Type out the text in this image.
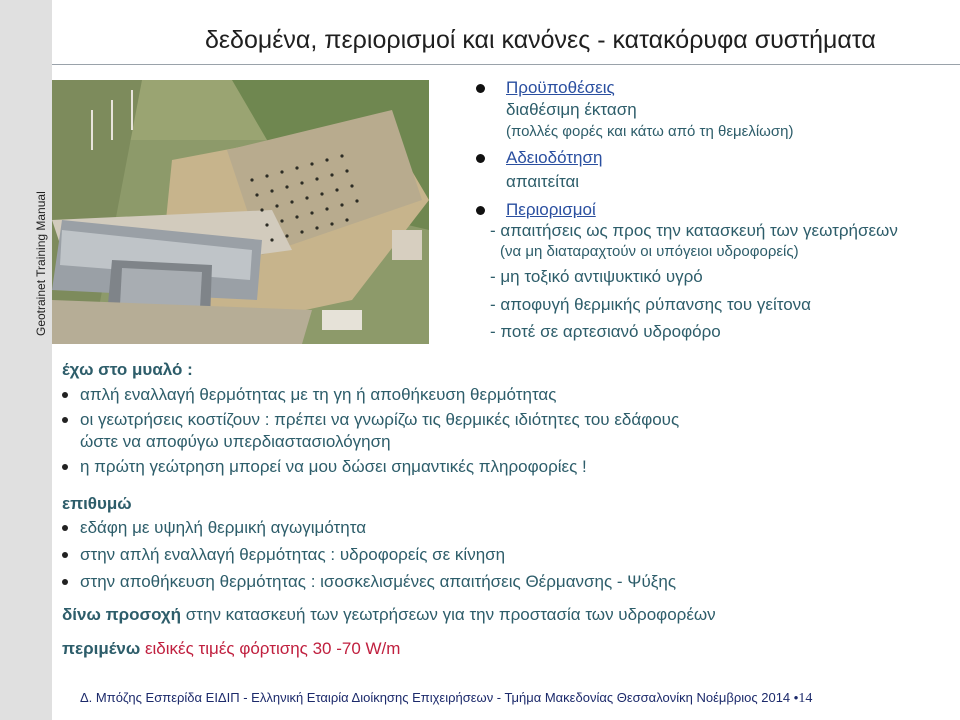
Geotrainet Training Manual
δεδομένα, περιορισμοί και κανόνες - κατακόρυφα συστήματα
Προϋποθέσεις
διαθέσιμη έκταση
(πολλές φορές και κάτω από τη θεμελίωση)
Αδειοδότηση
απαιτείται
Περιορισμοί
- απαιτήσεις ως προς την κατασκευή των γεωτρήσεων
(να μη διαταραχτούν οι υπόγειοι υδροφορείς)
- μη τοξικό αντιψυκτικό υγρό
- αποφυγή θερμικής ρύπανσης του γείτονα
- ποτέ σε αρτεσιανό υδροφόρο
έχω στο μυαλό :
απλή εναλλαγή θερμότητας με τη γη ή αποθήκευση θερμότητας
οι γεωτρήσεις κοστίζουν : πρέπει να γνωρίζω τις θερμικές ιδιότητες του εδάφους
ώστε να αποφύγω υπερδιαστασιολόγηση
η πρώτη γεώτρηση μπορεί να μου δώσει σημαντικές πληροφορίες !
επιθυμώ
εδάφη με υψηλή θερμική αγωγιμότητα
στην απλή εναλλαγή θερμότητας : υδροφορείς σε κίνηση
στην αποθήκευση θερμότητας : ισοσκελισμένες απαιτήσεις Θέρμανσης - Ψύξης
δίνω προσοχή στην κατασκευή των γεωτρήσεων για την προστασία των υδροφορέων
περιμένω ειδικές τιμές φόρτισης 30 -70 W/m
Δ. Μπόζης Εσπερίδα ΕΙΔΙΠ - Ελληνική Εταιρία Διοίκησης Επιχειρήσεων - Τμήμα Μακεδονίας Θεσσαλονίκη Νοέμβριος 2014 •14
